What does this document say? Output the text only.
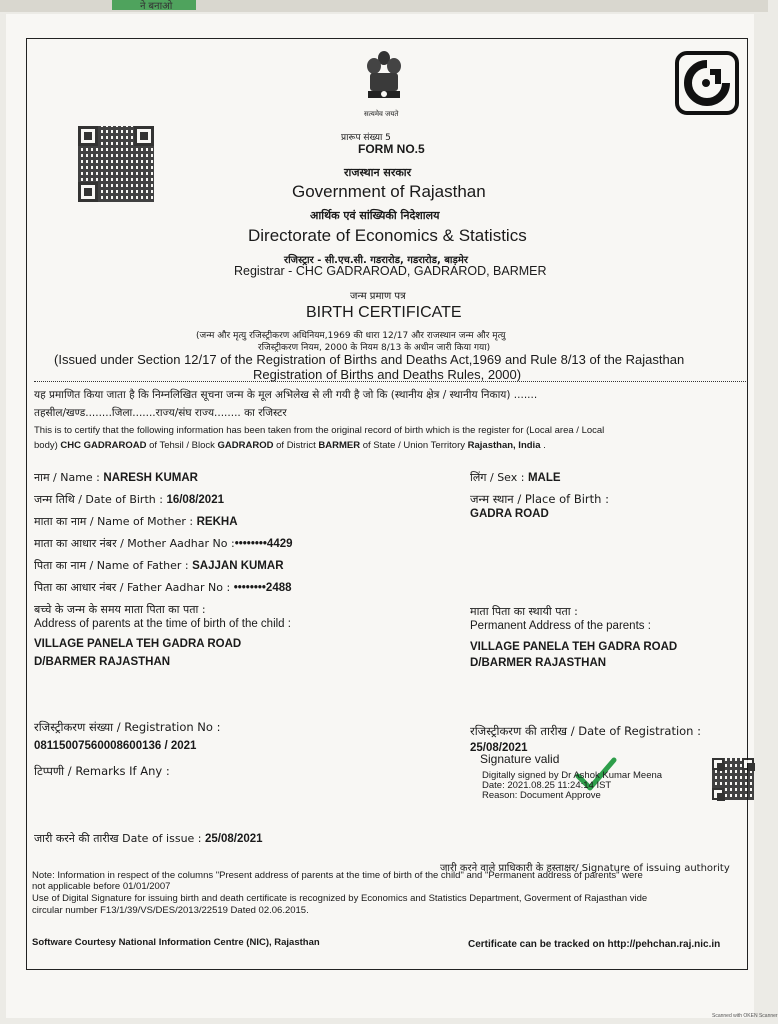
ने बनाओ
सत्यमेव जयते
प्रारूप संख्या 5
FORM NO.5
राजस्थान सरकार
Government of Rajasthan
आर्थिक एवं सांख्यिकी निदेशालय
Directorate of Economics & Statistics
रजिस्ट्रार - सी.एच.सी. गडरारोड, गडरारोड, बाड़मेर
Registrar - CHC GADRAROAD, GADRAROD, BARMER
जन्म प्रमाण पत्र
BIRTH CERTIFICATE
(जन्म और मृत्यु रजिस्ट्रीकरण अधिनियम,1969 की धारा 12/17 और राजस्थान जन्म और मृत्यु
रजिस्ट्रीकरण नियम, 2000 के नियम 8/13 के अधीन जारी किया गया)
(Issued under Section 12/17 of the Registration of Births and Deaths Act,1969 and Rule 8/13 of the Rajasthan
Registration of Births and Deaths Rules, 2000)
यह प्रमाणित किया जाता है कि निम्नलिखित सूचना जन्म के मूल अभिलेख से ली गयी है जो कि (स्थानीय क्षेत्र / स्थानीय निकाय) .......
तहसील/खण्ड........जिला.......राज्य/संघ राज्य........ का रजिस्टर
This is to certify that the following information has been taken from the original record of birth which is the register for (Local area / Local
body) CHC GADRAROAD of Tehsil / Block GADRAROD of District BARMER of State / Union Territory Rajasthan, India .
नाम / Name : NARESH KUMAR
जन्म तिथि / Date of Birth : 16/08/2021
माता का नाम / Name of Mother : REKHA
माता का आधार नंबर / Mother Aadhar No :••••••••4429
पिता का नाम / Name of Father : SAJJAN KUMAR
पिता का आधार नंबर / Father Aadhar No : ••••••••2488
लिंग / Sex : MALE
जन्म स्थान / Place of Birth :
GADRA ROAD
बच्चे के जन्म के समय माता पिता का पता :
Address of parents at the time of birth of the child :
VILLAGE PANELA TEH GADRA ROAD
D/BARMER RAJASTHAN
माता पिता का स्थायी पता :
Permanent Address of the parents :
VILLAGE PANELA TEH GADRA ROAD
D/BARMER RAJASTHAN
रजिस्ट्रीकरण संख्या / Registration No :
08115007560008600136 / 2021
टिप्पणी / Remarks If Any :
रजिस्ट्रीकरण की तारीख / Date of Registration :
25/08/2021
Signature valid
Digitally signed by Dr Ashok Kumar Meena
Date: 2021.08.25 11:24:14 IST
Reason: Document Approve
जारी करने की तारीख Date of issue : 25/08/2021
जारी करने वाले प्राधिकारी के हस्ताक्षर/ Signature of issuing authority
Note: Information in respect of the columns "Present address of parents at the time of birth of the child" and "Permanent address of parents" were
not applicable before 01/01/2007
Use of Digital Signature for issuing birth and death certificate is recognized by Economics and Statistics Department, Goverment of Rajasthan vide
circular number F13/1/39/VS/DES/2013/22519 Dated 02.06.2015.
Software Courtesy National Information Centre (NIC), Rajasthan	Certificate can be tracked on http://pehchan.raj.nic.in
Scanned with OKEN Scanner
